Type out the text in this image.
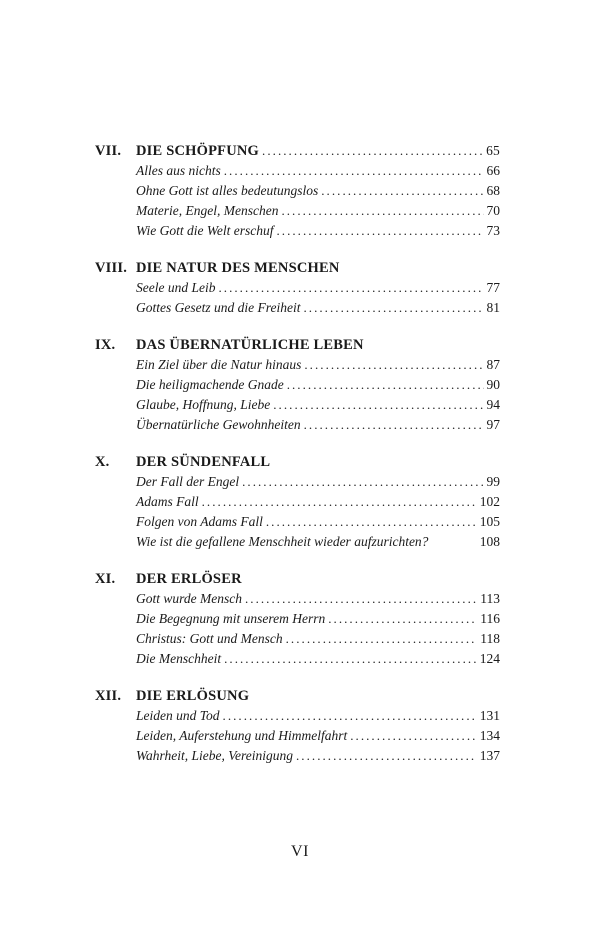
VII.	DIE SCHÖPFUNG . . .	65
Alles aus nichts . . .	66
Ohne Gott ist alles bedeutungslos . . .	68
Materie, Engel, Menschen . . .	70
Wie Gott die Welt erschuf . . .	73
VIII. DIE NATUR DES MENSCHEN
Seele und Leib . . .	77
Gottes Gesetz und die Freiheit . . .	81
IX.	DAS ÜBERNATÜRLICHE LEBEN
Ein Ziel über die Natur hinaus . . .	87
Die heiligmachende Gnade . . .	90
Glaube, Hoffnung, Liebe . . .	94
Übernatürliche Gewohnheiten . . .	97
X.	DER SÜNDENFALL
Der Fall der Engel . . .	99
Adams Fall . . .	102
Folgen von Adams Fall . . .	105
Wie ist die gefallene Menschheit wieder aufzurichten?	108
XI.	DER ERLÖSER
Gott wurde Mensch . . .	113
Die Begegnung mit unserem Herrn . . .	116
Christus: Gott und Mensch . . .	118
Die Menschheit . . .	124
XII.	DIE ERLÖSUNG
Leiden und Tod . . .	131
Leiden, Auferstehung und Himmelfahrt . . .	134
Wahrheit, Liebe, Vereinigung . . .	137
VI
